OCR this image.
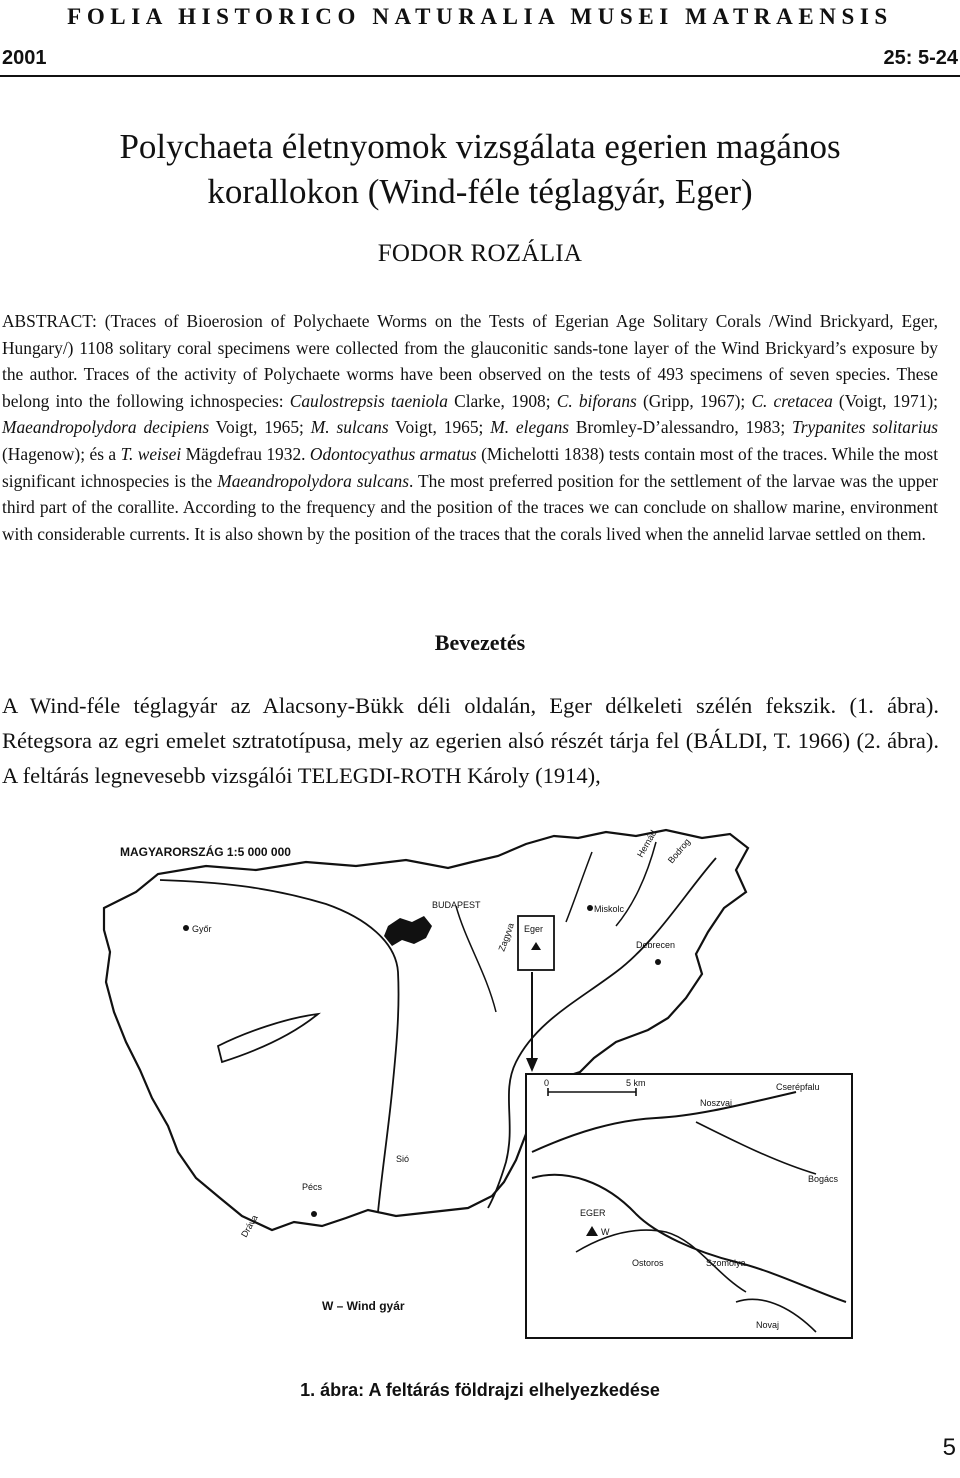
FOLIA HISTORICO NATURALIA MUSEI MATRAENSIS
2001	25: 5-24
Polychaeta életnyomok vizsgálata egerien magános
korallokon (Wind-féle téglagyár, Eger)
FODOR ROZÁLIA
ABSTRACT: (Traces of Bioerosion of Polychaete Worms on the Tests of Egerian Age Solitary Corals /Wind Brickyard, Eger, Hungary/) 1108 solitary coral specimens were collected from the glauconitic sands-tone layer of the Wind Brickyard’s exposure by the author. Traces of the activity of Polychaete worms have been observed on the tests of 493 specimens of seven species. These belong into the following ichnospecies: Caulostrepsis taeniola Clarke, 1908; C. biforans (Gripp, 1967); C. cretacea (Voigt, 1971); Maeandropolydora decipiens Voigt, 1965; M. sulcans Voigt, 1965; M. elegans Bromley-D’alessandro, 1983; Trypanites solitarius (Hagenow); és a T. weisei Mägdefrau 1932. Odontocyathus armatus (Michelotti 1838) tests contain most of the traces. While the most significant ichnospecies is the Maeandropolydora sulcans. The most preferred position for the settlement of the larvae was the upper third part of the corallite. According to the frequency and the position of the traces we can conclude on shallow marine, environment with considerable currents. It is also shown by the position of the traces that the corals lived when the annelid larvae settled on them.
Bevezetés
A Wind-féle téglagyár az Alacsony-Bükk déli oldalán, Eger délkeleti szélén fekszik. (1. ábra). Rétegsora az egri emelet sztratotípusa, mely az egerien alsó részét tárja fel (BÁLDI, T. 1966) (2. ábra). A feltárás legnevesebb vizsgálói TELEGDI-ROTH Károly (1914),
MAGYARORSZÁG 1:5 000 000
BUDAPEST
Győr
Pécs
Debrecen
Miskolc
Zagyva
Hernád Bodrog
Sió
Dráva
Eger
0	5 km
Noszvaj
Cserépfalu
Bogács
EGER
W
Ostoros	Szomolya
Novaj
W – Wind gyár
1. ábra: A feltárás földrajzi elhelyezkedése
5
